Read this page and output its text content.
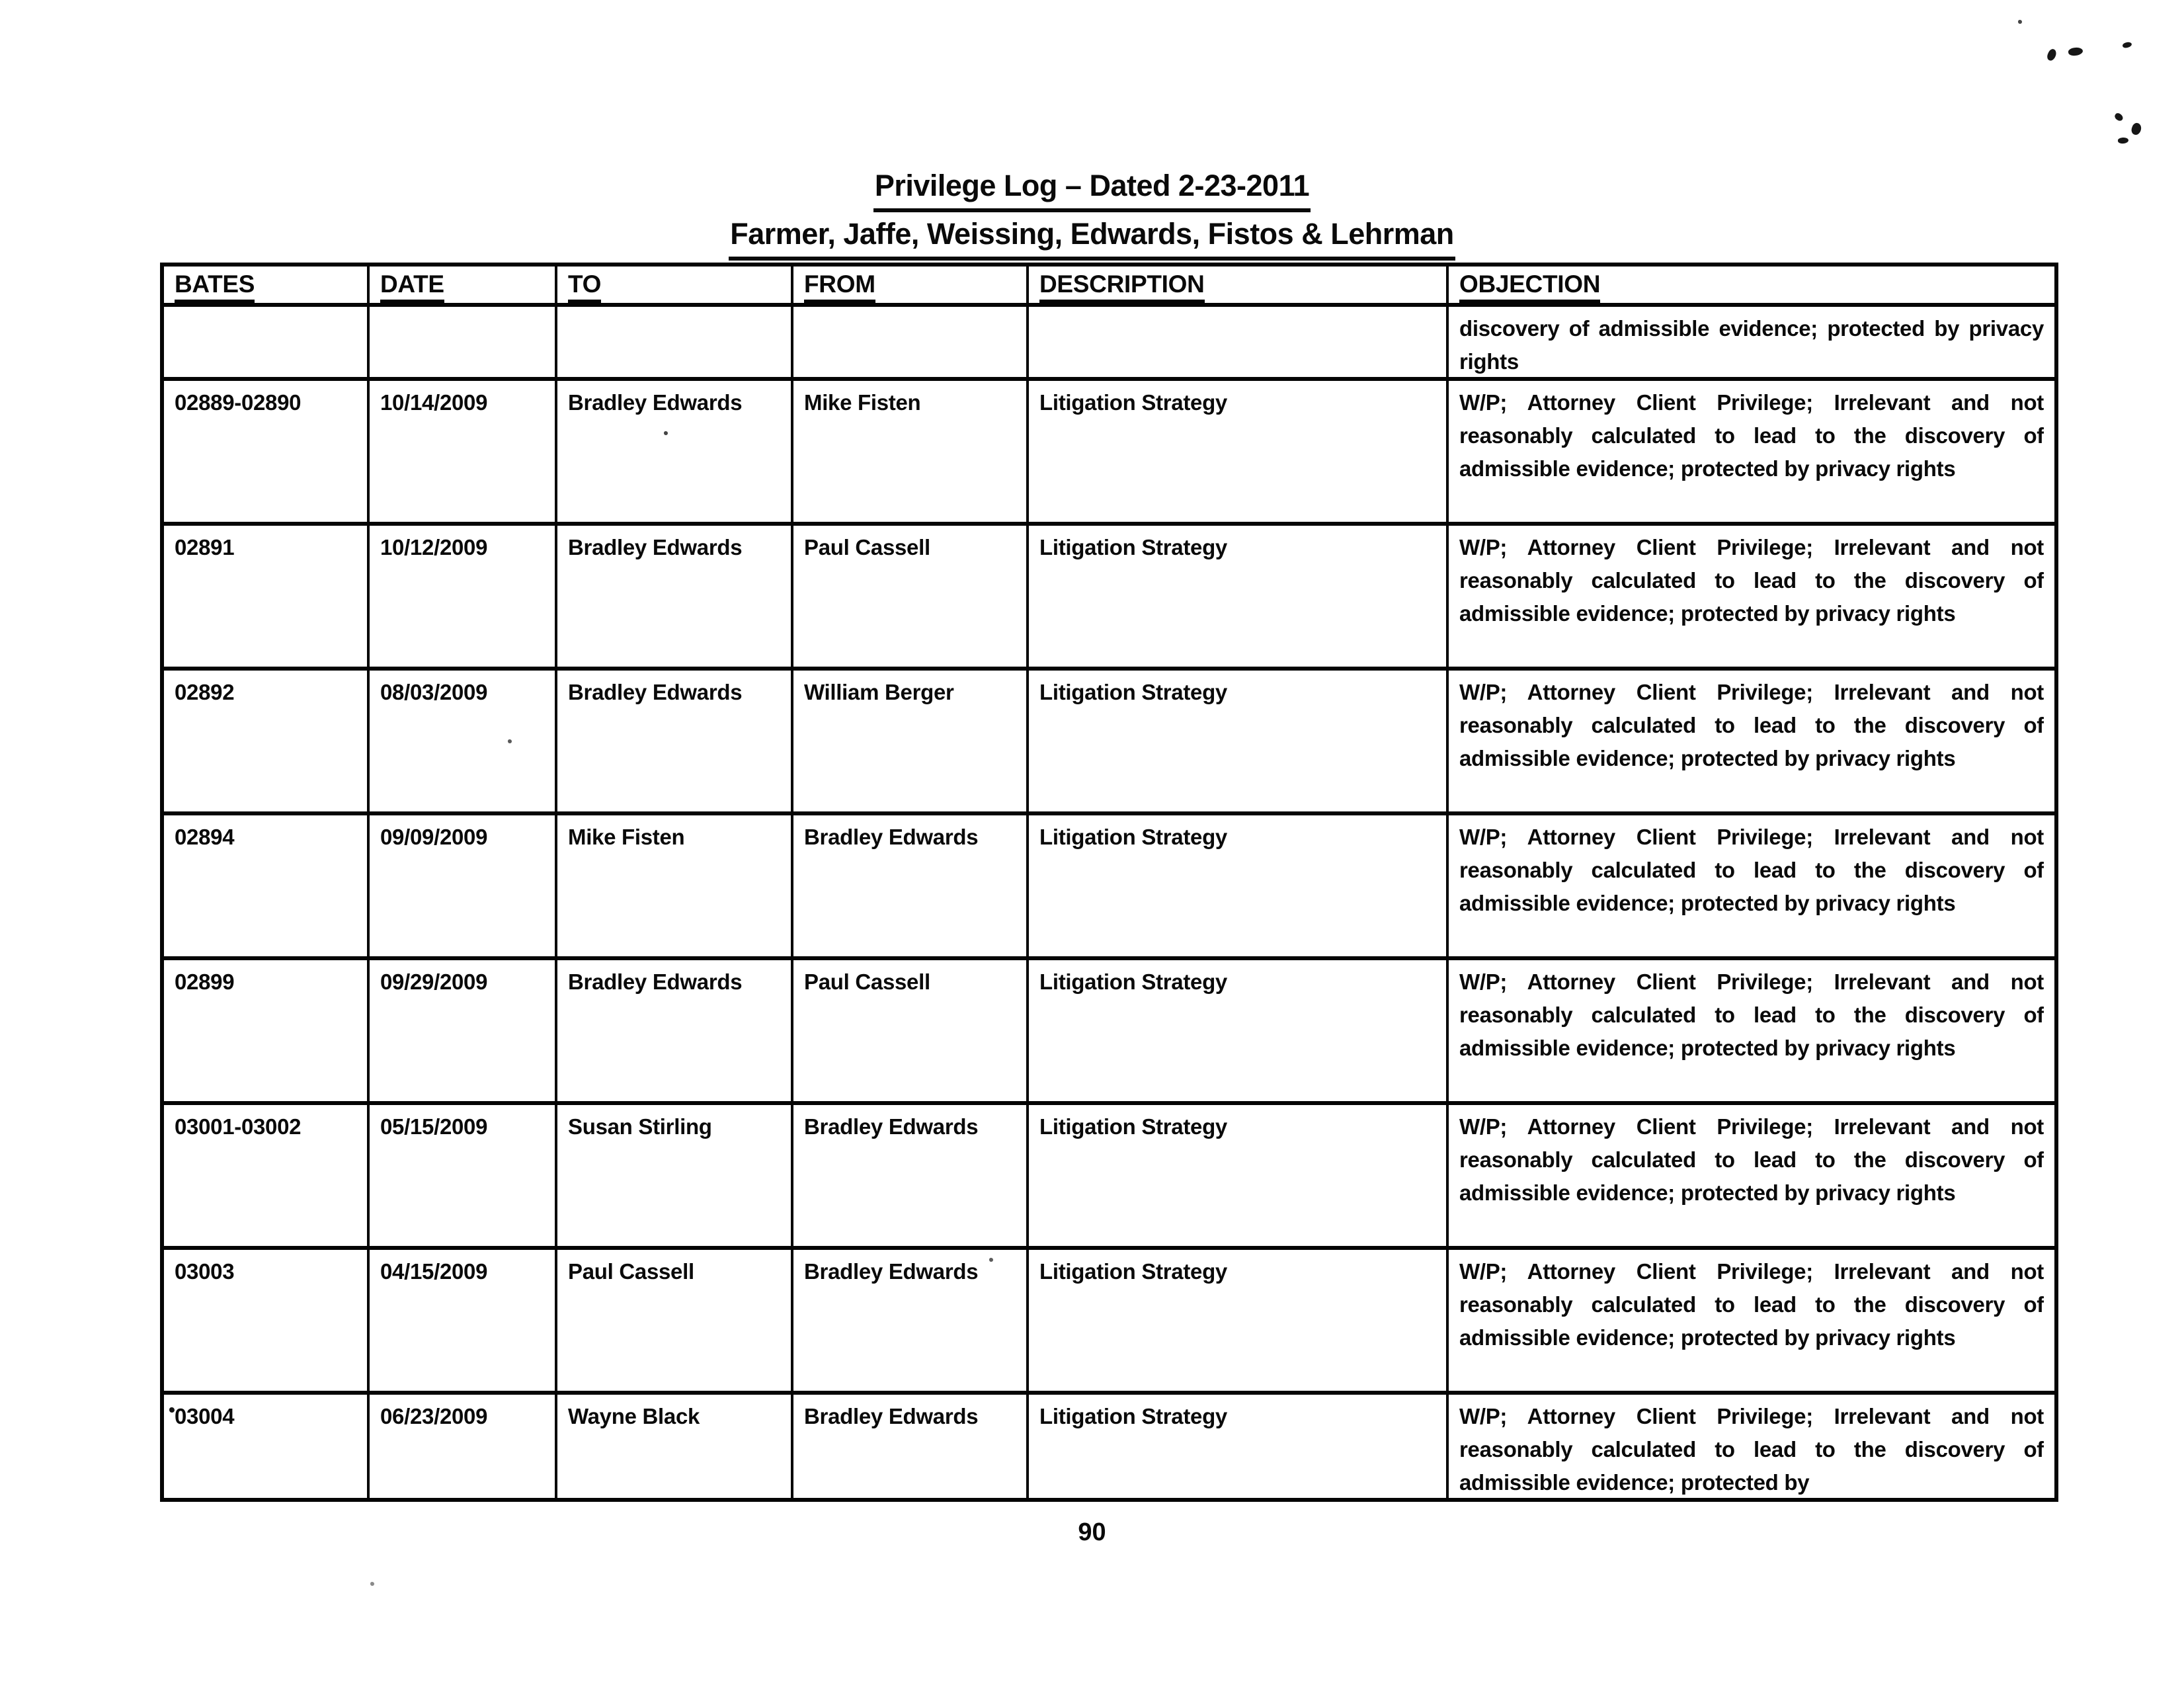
Privilege Log – Dated 2-23-2011
Farmer, Jaffe, Weissing, Edwards, Fistos & Lehrman
BATES	DATE	TO	FROM	DESCRIPTION	OBJECTION

					discovery of admissible evidence; protected by privacy rights

02889-02890	10/14/2009	Bradley Edwards	Mike Fisten	Litigation Strategy	W/P; Attorney Client Privilege; Irrelevant and not reasonably calculated to lead to the discovery of admissible evidence; protected by privacy rights

02891	10/12/2009	Bradley Edwards	Paul Cassell	Litigation Strategy	W/P; Attorney Client Privilege; Irrelevant and not reasonably calculated to lead to the discovery of admissible evidence; protected by privacy rights

02892	08/03/2009	Bradley Edwards	William Berger	Litigation Strategy	W/P; Attorney Client Privilege; Irrelevant and not reasonably calculated to lead to the discovery of admissible evidence; protected by privacy rights

02894	09/09/2009	Mike Fisten	Bradley Edwards	Litigation Strategy	W/P; Attorney Client Privilege; Irrelevant and not reasonably calculated to lead to the discovery of admissible evidence; protected by privacy rights

02899	09/29/2009	Bradley Edwards	Paul Cassell	Litigation Strategy	W/P; Attorney Client Privilege; Irrelevant and not reasonably calculated to lead to the discovery of admissible evidence; protected by privacy rights

03001-03002	05/15/2009	Susan Stirling	Bradley Edwards	Litigation Strategy	W/P; Attorney Client Privilege; Irrelevant and not reasonably calculated to lead to the discovery of admissible evidence; protected by privacy rights

03003	04/15/2009	Paul Cassell	Bradley Edwards	Litigation Strategy	W/P; Attorney Client Privilege; Irrelevant and not reasonably calculated to lead to the discovery of admissible evidence; protected by privacy rights

03004	06/23/2009	Wayne Black	Bradley Edwards	Litigation Strategy	W/P; Attorney Client Privilege; Irrelevant and not reasonably calculated to lead to the discovery of admissible evidence; protected by
90
